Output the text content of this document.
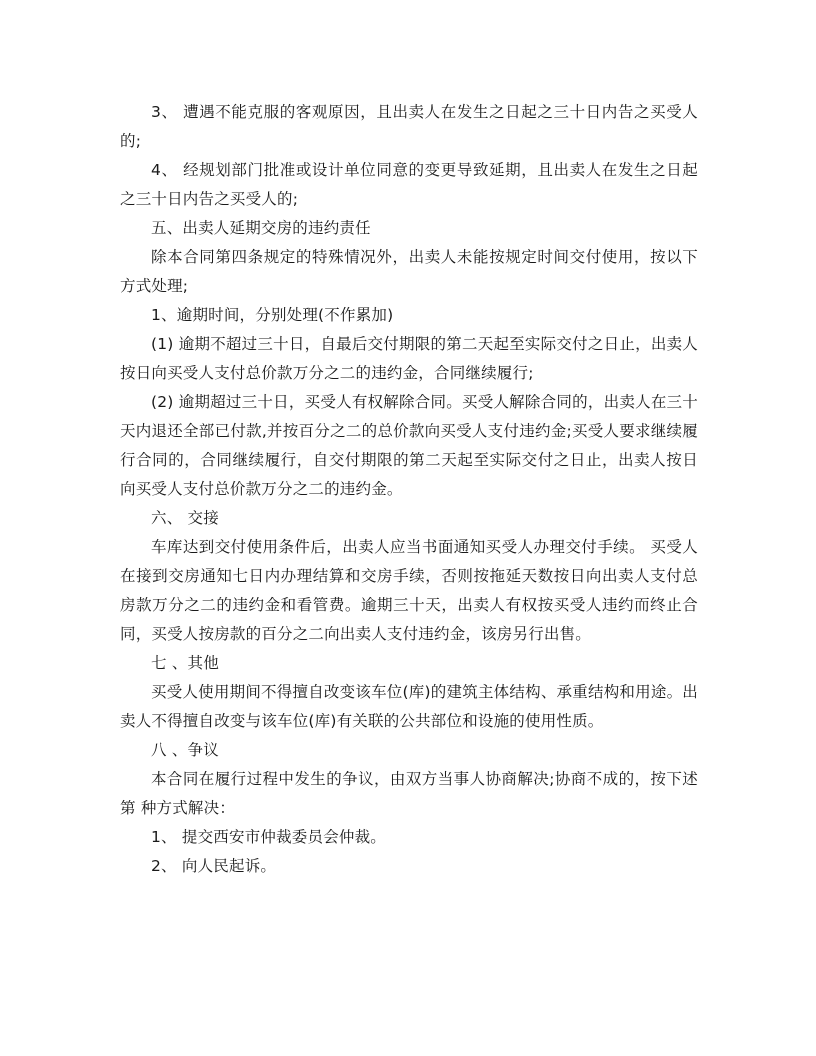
3、 遭遇不能克服的客观原因，且出卖人在发生之日起之三十日内告之买受人的;

4、 经规划部门批准或设计单位同意的变更导致延期，且出卖人在发生之日起之三十日内告之买受人的;

五、出卖人延期交房的违约责任

除本合同第四条规定的特殊情况外，出卖人未能按规定时间交付使用，按以下方式处理;

1、逾期时间，分别处理(不作累加)

(1) 逾期不超过三十日，自最后交付期限的第二天起至实际交付之日止，出卖人按日向买受人支付总价款万分之二的违约金，合同继续履行;

(2) 逾期超过三十日，买受人有权解除合同。买受人解除合同的，出卖人在三十天内退还全部已付款,并按百分之二的总价款向买受人支付违约金;买受人要求继续履行合同的，合同继续履行，自交付期限的第二天起至实际交付之日止，出卖人按日向买受人支付总价款万分之二的违约金。

六、 交接

车库达到交付使用条件后，出卖人应当书面通知买受人办理交付手续。 买受人在接到交房通知七日内办理结算和交房手续，否则按拖延天数按日向出卖人支付总房款万分之二的违约金和看管费。逾期三十天，出卖人有权按买受人违约而终止合同，买受人按房款的百分之二向出卖人支付违约金，该房另行出售。

七 、其他

买受人使用期间不得擅自改变该车位(库)的建筑主体结构、承重结构和用途。出卖人不得擅自改变与该车位(库)有关联的公共部位和设施的使用性质。

八 、争议

本合同在履行过程中发生的争议，由双方当事人协商解决;协商不成的，按下述第 种方式解决：

1、 提交西安市仲裁委员会仲裁。

2、 向人民起诉。
